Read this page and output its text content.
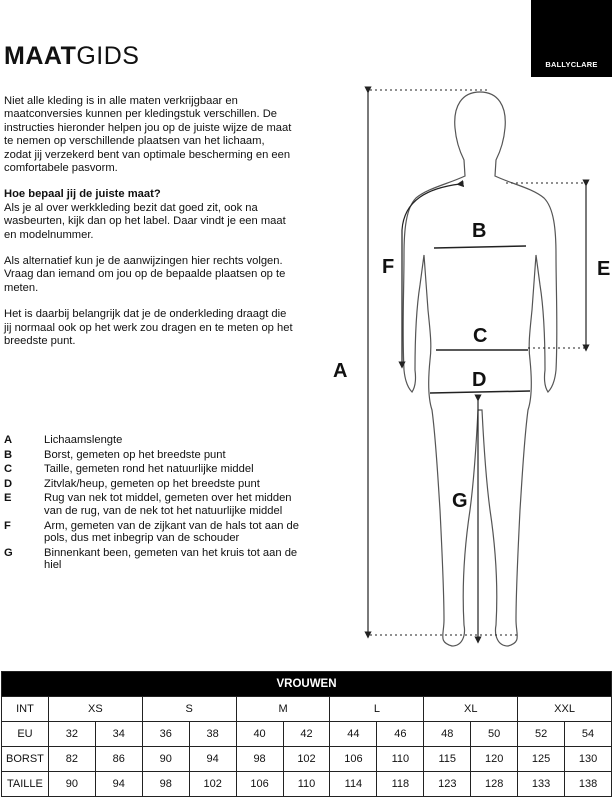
BALLYCLARE
MAATGIDS

Niet alle kleding is in alle maten verkrijgbaar en maatconversies kunnen per kledingstuk verschillen. De instructies hieronder helpen jou op de juiste wijze de maat te nemen op verschillende plaatsen van het lichaam, zodat jij verzekerd bent van optimale bescherming en een comfortabele pasvorm.

Hoe bepaal jij de juiste maat?

Als je al over werkkleding bezit dat goed zit, ook na wasbeurten, kijk dan op het label. Daar vindt je een maat en modelnummer.

Als alternatief kun je de aanwijzingen hier rechts volgen. Vraag dan iemand om jou op de bepaalde plaatsen op te meten.

Het is daarbij belangrijk dat je de onderkleding draagt die jij normaal ook op het werk zou dragen en te meten op het breedste punt.

A	Lichaamslengte
B	Borst, gemeten op het breedste punt
C	Taille, gemeten rond het natuurlijke middel
D	Zitvlak/heup, gemeten op het breedste punt
E	Rug van nek tot middel, gemeten over het midden van de rug, van de nek tot het natuurlijke middel
F	Arm, gemeten van de zijkant van de hals tot aan de pols, dus met inbegrip van de schouder
G	Binnenkant been, gemeten van het kruis tot aan de hiel
A
B
C
D
E
F
G
VROUWEN												
INT	XS		S		M		L		XL		XXL	
EU	32	34	36	38	40	42	44	46	48	50	52	54
BORST	82	86	90	94	98	102	106	110	115	120	125	130
TAILLE	90	94	98	102	106	110	114	118	123	128	133	138
